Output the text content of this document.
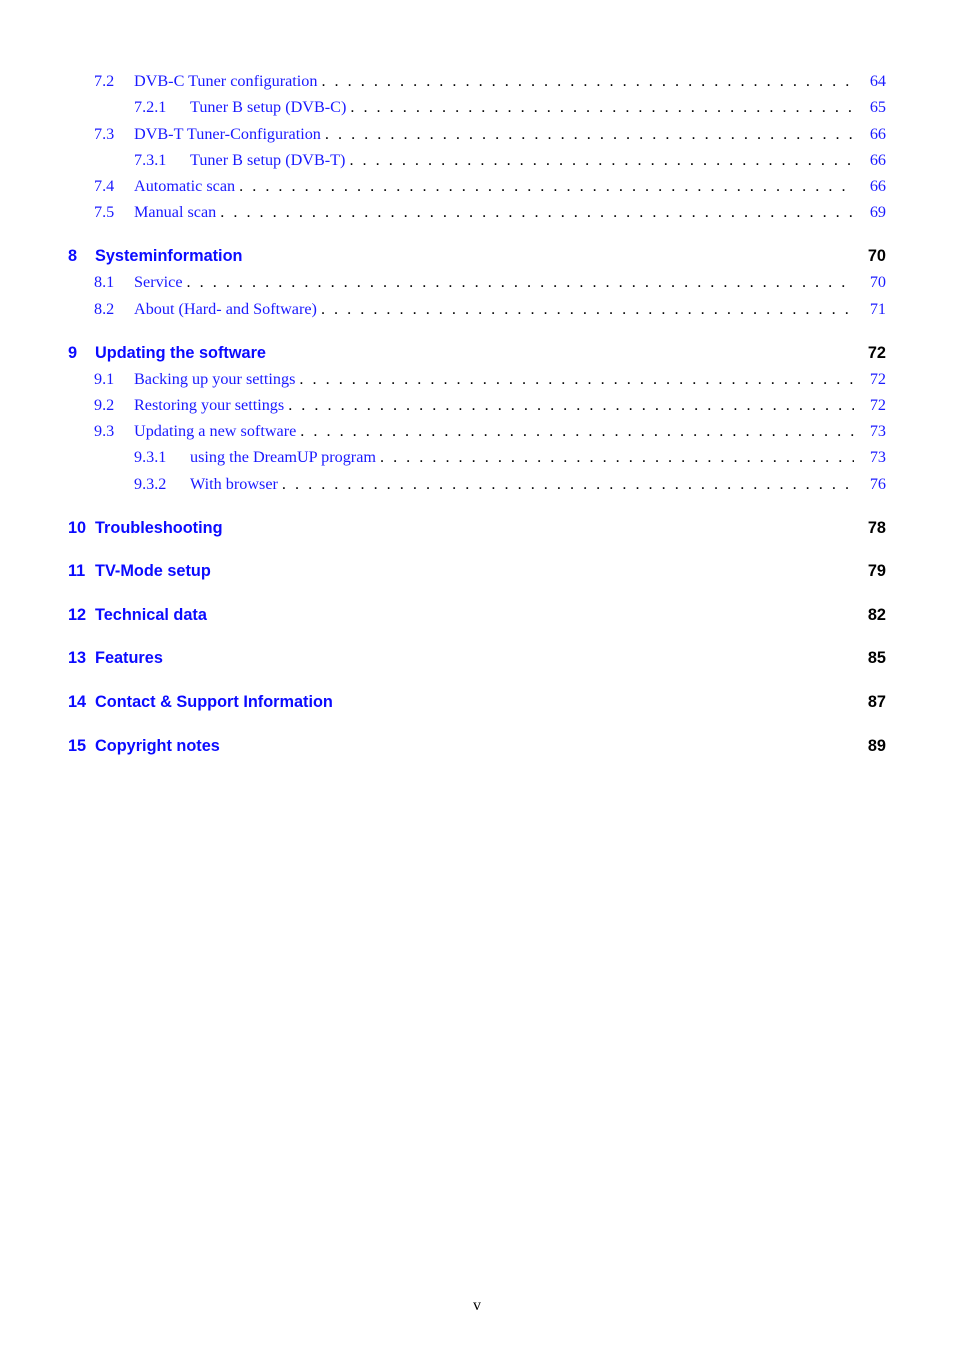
7.2	DVB-C Tuner configuration . . .	64
7.2.1	Tuner B setup (DVB-C) . . .	65
7.3	DVB-T Tuner-Configuration . . .	66
7.3.1	Tuner B setup (DVB-T) . . .	66
7.4	Automatic scan . . .	66
7.5	Manual scan . . .	69
8	Systeminformation	70
8.1	Service . . .	70
8.2	About (Hard- and Software) . . .	71
9	Updating the software	72
9.1	Backing up your settings . . .	72
9.2	Restoring your settings . . .	72
9.3	Updating a new software . . .	73
9.3.1	using the DreamUP program . . .	73
9.3.2	With browser . . .	76
10 Troubleshooting	78
11 TV-Mode setup	79
12 Technical data	82
13 Features	85
14 Contact & Support Information	87
15 Copyright notes	89
v
